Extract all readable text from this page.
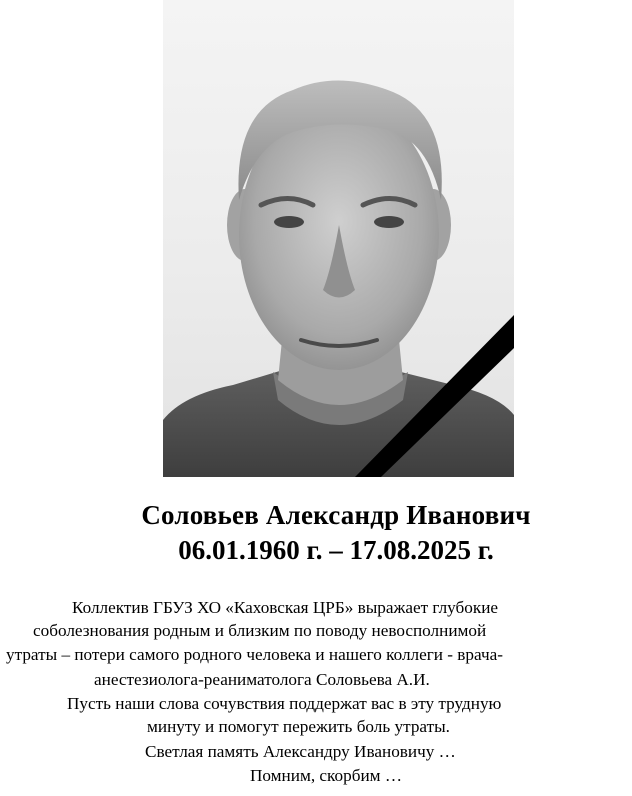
Соловьев Александр Иванович
06.01.1960 г. – 17.08.2025 г.
Коллектив ГБУЗ ХО «Каховская ЦРБ» выражает глубокие
соболезнования родным и близким по поводу невосполнимой
утраты – потери самого родного человека и нашего коллеги - врача-
анестезиолога-реаниматолога Соловьева А.И.
Пусть наши слова сочувствия поддержат вас в эту трудную
минуту и помогут пережить боль утраты.
Светлая память Александру Ивановичу …
Помним, скорбим …
